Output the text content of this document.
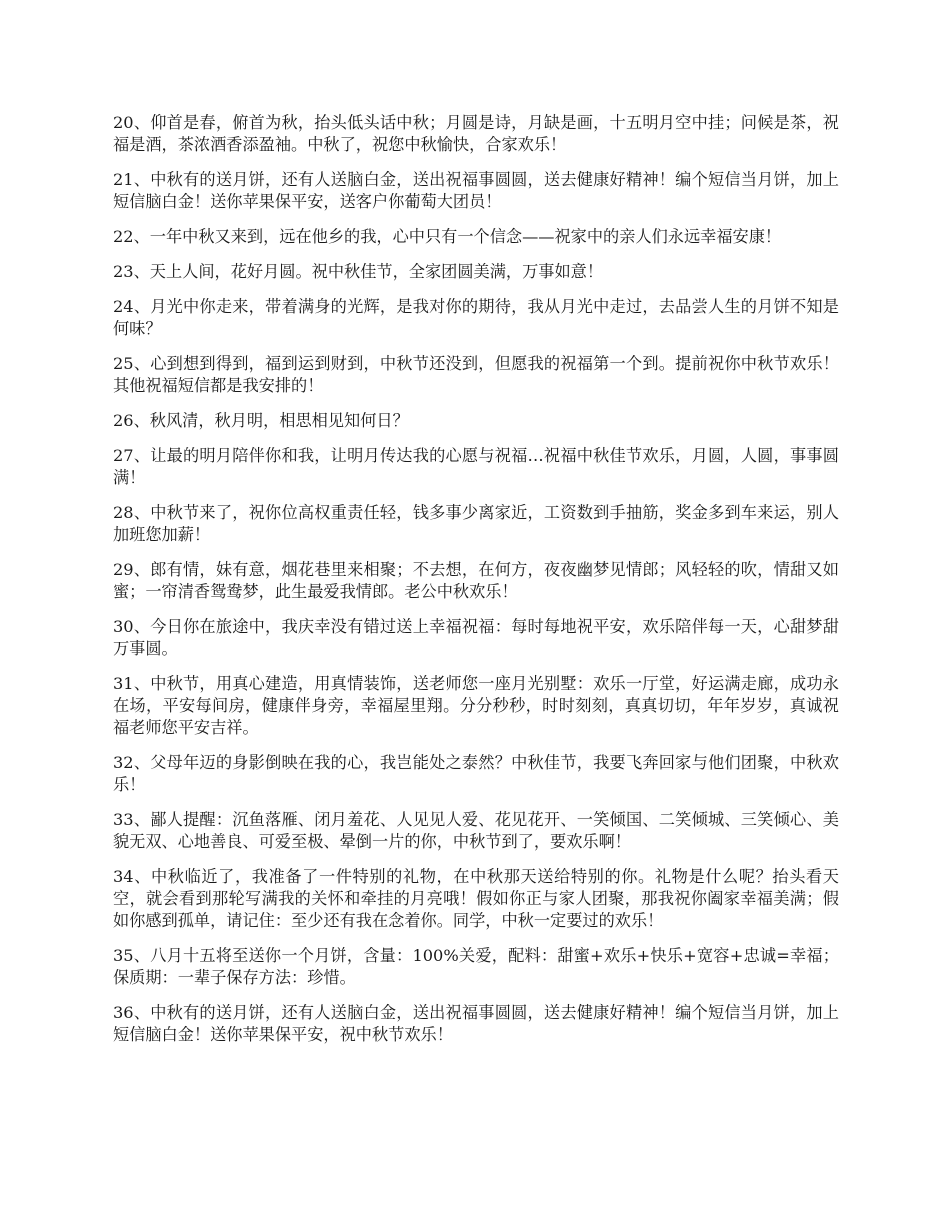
20、仰首是春，俯首为秋，抬头低头话中秋；月圆是诗，月缺是画，十五明月空中挂；问候是茶，祝福是酒，茶浓酒香添盈袖。中秋了，祝您中秋愉快，合家欢乐！

21、中秋有的送月饼，还有人送脑白金，送出祝福事圆圆，送去健康好精神！编个短信当月饼，加上短信脑白金！送你苹果保平安，送客户你葡萄大团员！

22、一年中秋又来到，远在他乡的我，心中只有一个信念——祝家中的亲人们永远幸福安康！

23、天上人间，花好月圆。祝中秋佳节，全家团圆美满，万事如意！

24、月光中你走来，带着满身的光辉，是我对你的期待，我从月光中走过，去品尝人生的月饼不知是何味？

25、心到想到得到，福到运到财到，中秋节还没到，但愿我的祝福第一个到。提前祝你中秋节欢乐！其他祝福短信都是我安排的！

26、秋风清，秋月明，相思相见知何日？

27、让最的明月陪伴你和我，让明月传达我的心愿与祝福…祝福中秋佳节欢乐，月圆，人圆，事事圆满！

28、中秋节来了，祝你位高权重责任轻，钱多事少离家近，工资数到手抽筋，奖金多到车来运，别人加班您加薪！

29、郎有情，妹有意，烟花巷里来相聚；不去想，在何方，夜夜幽梦见情郎；风轻轻的吹，情甜又如蜜；一帘清香鸳鸯梦，此生最爱我情郎。老公中秋欢乐！

30、今日你在旅途中，我庆幸没有错过送上幸福祝福：每时每地祝平安，欢乐陪伴每一天，心甜梦甜万事圆。

31、中秋节，用真心建造，用真情装饰，送老师您一座月光别墅：欢乐一厅堂，好运满走廊，成功永在场，平安每间房，健康伴身旁，幸福屋里翔。分分秒秒，时时刻刻，真真切切，年年岁岁，真诚祝福老师您平安吉祥。

32、父母年迈的身影倒映在我的心，我岂能处之泰然？中秋佳节，我要飞奔回家与他们团聚，中秋欢乐！

33、鄙人提醒：沉鱼落雁、闭月羞花、人见见人爱、花见花开、一笑倾国、二笑倾城、三笑倾心、美貌无双、心地善良、可爱至极、晕倒一片的你，中秋节到了，要欢乐啊！

34、中秋临近了，我准备了一件特别的礼物，在中秋那天送给特别的你。礼物是什么呢？抬头看天空，就会看到那轮写满我的关怀和牵挂的月亮哦！假如你正与家人团聚，那我祝你阖家幸福美满；假如你感到孤单，请记住：至少还有我在念着你。同学，中秋一定要过的欢乐！

35、八月十五将至送你一个月饼，含量：100%关爱，配料：甜蜜+欢乐+快乐+宽容+忠诚=幸福；保质期：一辈子保存方法：珍惜。

36、中秋有的送月饼，还有人送脑白金，送出祝福事圆圆，送去健康好精神！编个短信当月饼，加上短信脑白金！送你苹果保平安，祝中秋节欢乐！
